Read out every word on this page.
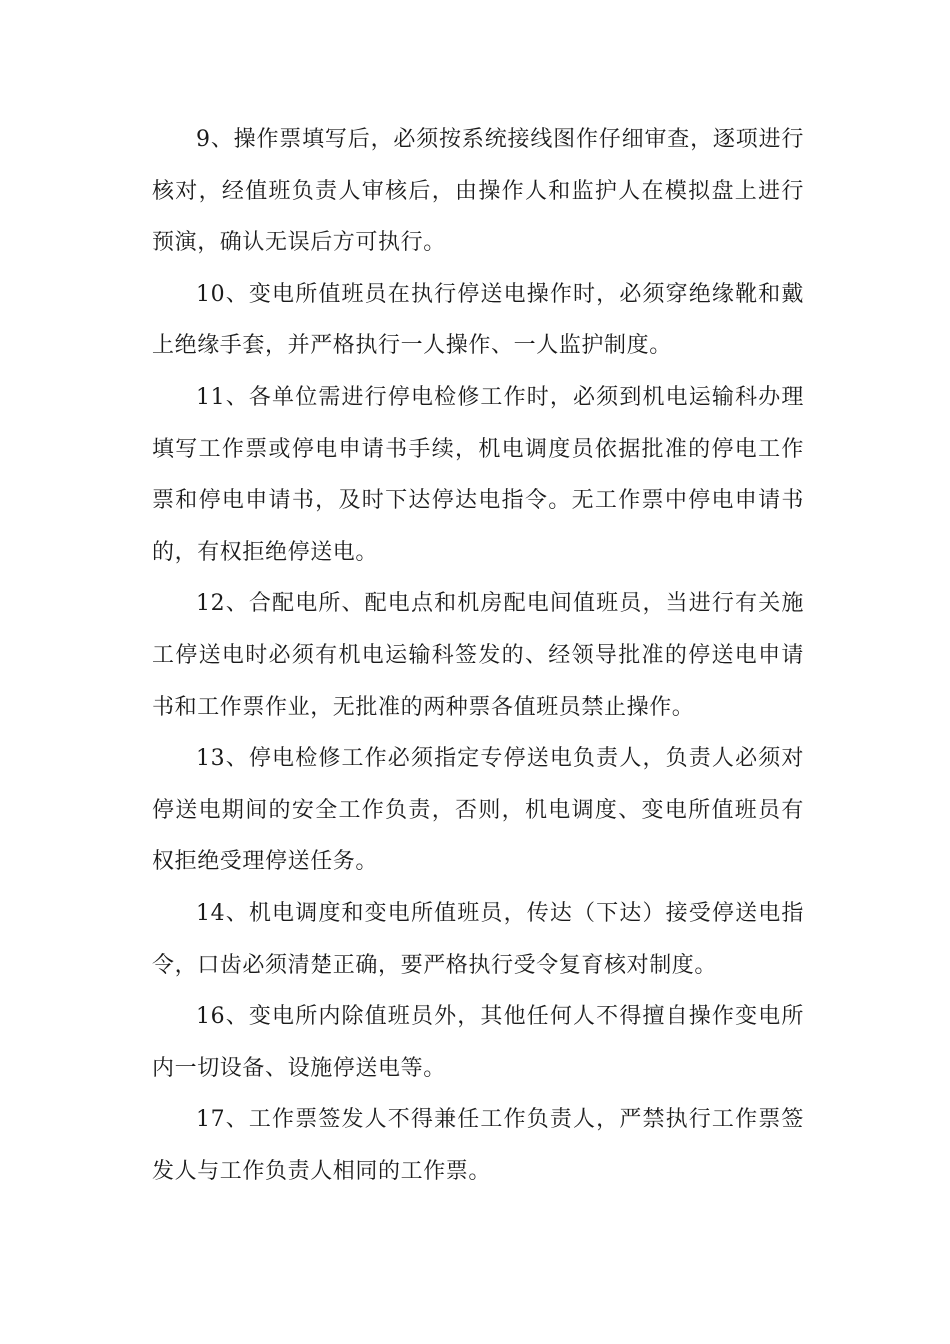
9、操作票填写后，必须按系统接线图作仔细审查，逐项进行核对，经值班负责人审核后，由操作人和监护人在模拟盘上进行预演，确认无误后方可执行。

10、变电所值班员在执行停送电操作时，必须穿绝缘靴和戴上绝缘手套，并严格执行一人操作、一人监护制度。

11、各单位需进行停电检修工作时，必须到机电运输科办理填写工作票或停电申请书手续，机电调度员依据批准的停电工作票和停电申请书，及时下达停达电指令。无工作票中停电申请书的，有权拒绝停送电。

12、合配电所、配电点和机房配电间值班员，当进行有关施工停送电时必须有机电运输科签发的、经领导批准的停送电申请书和工作票作业，无批准的两种票各值班员禁止操作。

13、停电检修工作必须指定专停送电负责人，负责人必须对停送电期间的安全工作负责，否则，机电调度、变电所值班员有权拒绝受理停送任务。

14、机电调度和变电所值班员，传达（下达）接受停送电指令，口齿必须清楚正确，要严格执行受令复育核对制度。

16、变电所内除值班员外，其他任何人不得擅自操作变电所内一切设备、设施停送电等。

17、工作票签发人不得兼任工作负责人，严禁执行工作票签发人与工作负责人相同的工作票。
